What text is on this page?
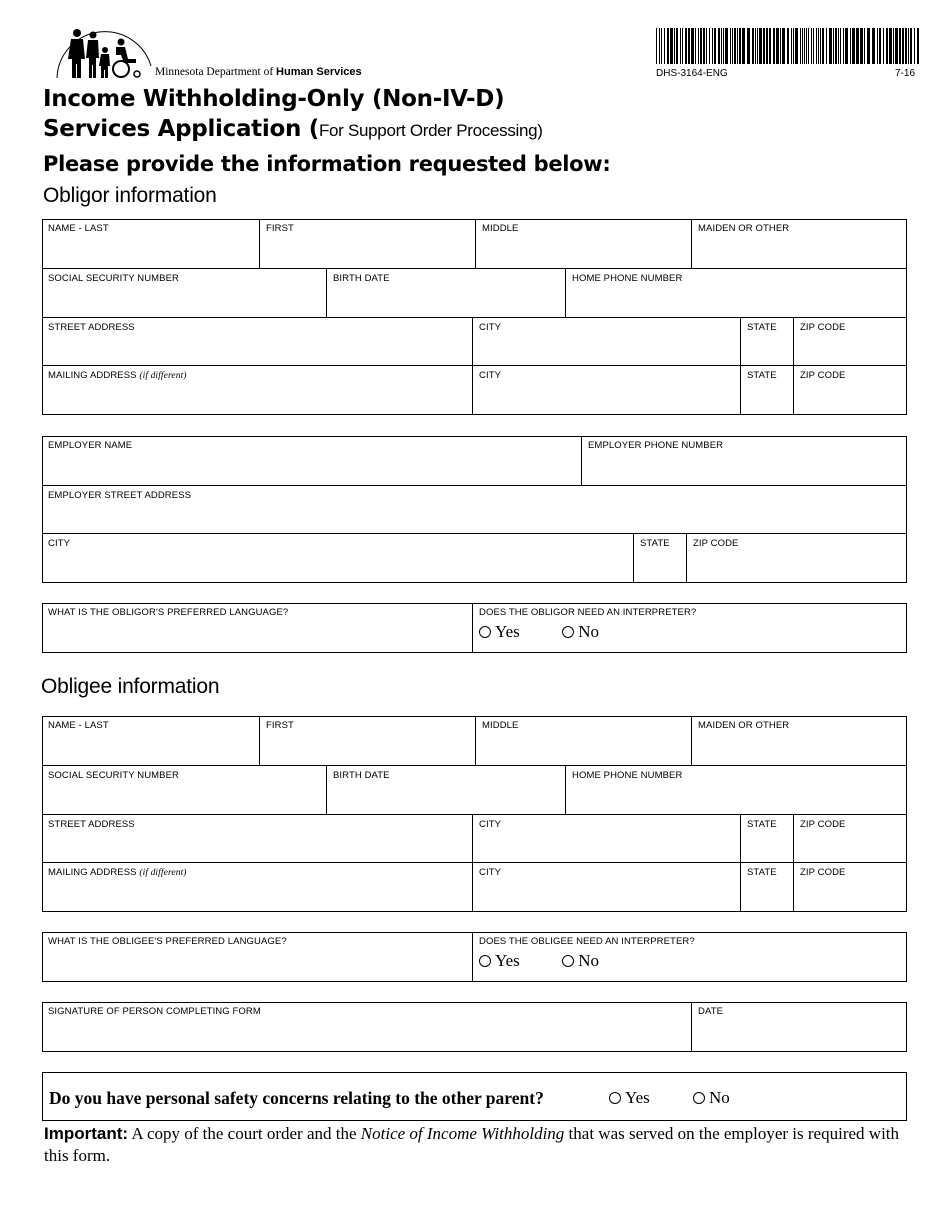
Minnesota Department of Human Services	DHS-3164-ENG	7-16
Income Withholding-Only (Non-IV-D)
Services Application (For Support Order Processing)
Please provide the information requested below:
Obligor information
NAME - LAST	FIRST	MIDDLE	MAIDEN OR OTHER
SOCIAL SECURITY NUMBER	BIRTH DATE	HOME PHONE NUMBER
STREET ADDRESS	CITY	STATE ZIP CODE
MAILING ADDRESS (if different)	CITY	STATE ZIP CODE
EMPLOYER NAME	EMPLOYER PHONE NUMBER
EMPLOYER STREET ADDRESS
CITY	STATE ZIP CODE
WHAT IS THE OBLIGOR'S PREFERRED LANGUAGE?	DOES THE OBLIGOR NEED AN INTERPRETER?
Yes
	No
Obligee information
NAME - LAST	FIRST	MIDDLE	MAIDEN OR OTHER
SOCIAL SECURITY NUMBER	BIRTH DATE	HOME PHONE NUMBER
STREET ADDRESS	CITY	STATE ZIP CODE
MAILING ADDRESS (if different)	CITY	STATE ZIP CODE
WHAT IS THE OBLIGEE'S PREFERRED LANGUAGE?	DOES THE OBLIGEE NEED AN INTERPRETER?
Yes
	No
SIGNATURE OF PERSON COMPLETING FORM	DATE
Do you have personal safety concerns relating to the other parent?	Yes	No
Important: A copy of the court order and the Notice of Income Withholding that was served on the employer is required with this form.
